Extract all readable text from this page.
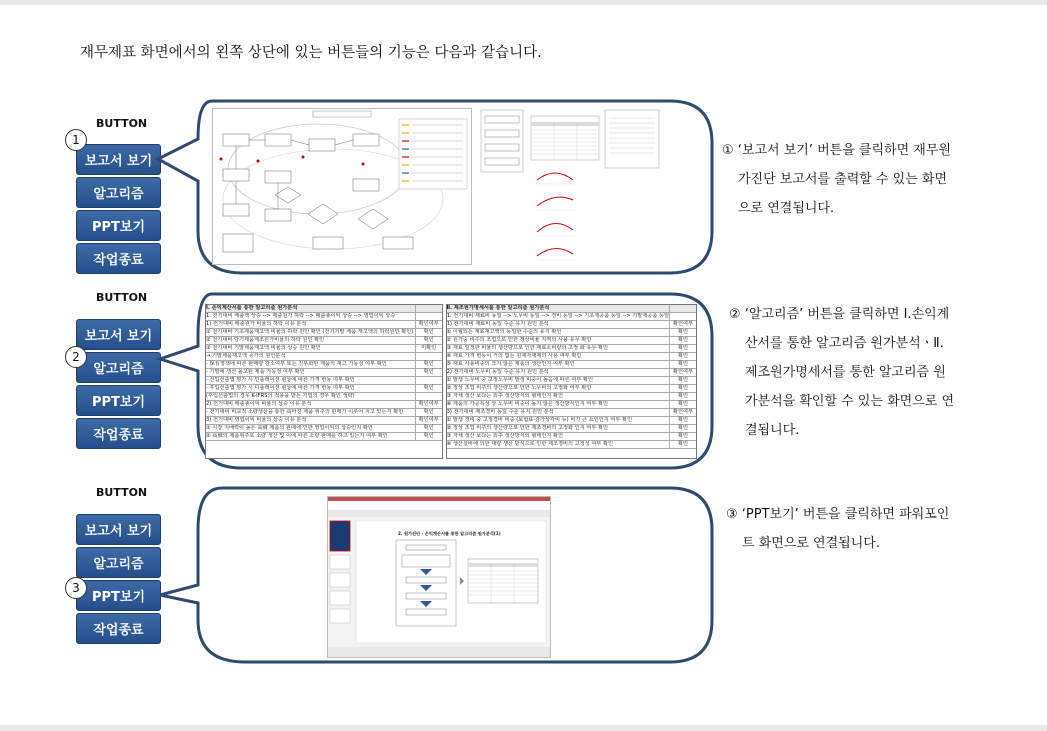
재무제표 화면에서의 왼쪽 상단에 있는 버튼들의 기능은 다음과 같습니다.
BUTTON
보고서 보기
알고리즘
PPT보기
작업종료
1
① ‘보고서 보기’ 버튼을 클릭하면 재무원
가진단 보고서를 출력할 수 있는 화면
으로 연결됩니다.
BUTTON
보고서 보기
알고리즘
PPT보기
작업종료
2
Ⅰ. 손익계산서를 통한 알고리즘 원가분석
1. 전기대비 매출액 상승 --> 매출원가 하락 --> 매출총이익 상승 --> 영업이익 상승
1) 전기대비 매출원가 비율의 하락 이유 분석	확인여부
① 전기대비 기초제품재고액 비율의 하락 원인 확인 (전기기말 제품 재고액의 하락원인 확인)	확인
② 전기대비 당기제품제조원가비율의 하락 원인 확인	확인
③ 전기대비 기말제품재고액 비율의 상승 원인 확인	미확인
→ 기말제품재고액 증가의 원인분석
- 保有정책에 따른 판매량 감소여부 또는 진부화된 제품의 재고 가능성 여부 확인	확인
- 기말에 생산 몰고된 제품 가능성 여부 확인	확인
- 선입선출법 평가 시 인플레이션 현상에 따른 가격 변동 여부 확인
- 후입선출법 평가 시 디플레이션 현상에 따른 가격 변동 여부 확인	확인
(후입선출법의 경우 K-IFRS의 적용을 받는 기업의 경우 확인 생략)
2) 전기대비 매출총이익 비율의 상승 이유 분석	확인여부
- 전기대비 비교적 소량생산을 통한 高마진 제품 위주의 판매가 이루어 지고 있는지 확인	확인
3) 전기대비 영업이익 비율의 상승 이유 분석	확인여부
① 시장 지배력이 높은 高價 제품의 판매에 인한 영업이익의 상승인지 확인	확인
② 高價의 제품위주로 소량 생산 및 이에 따른 소량 판매를 하고 있는지 여부 확인	확인
Ⅱ. 제조원가명세서를 통한 알고리즘 원가분석
1. 전기대비 재료비 동일 --> 노무비 동일 --> 경비 동일 --> 기초재공품 동일 --> 기말재공품 동일
1) 전기대비 재료비 동일 수준 유지 원인 분석	확인여부
① 이월되는 재료재고액의 동일한 수준의 유지 확인	확인
② 원가중 비주의 조업으로 인한 정상비율 지역의 사용 유무 확인	확인
③ 재료 일정한 비율의 생산량으로 인한 재료소비량의 고정 화 유무 확인	확인
④ 재료 가격 변동이 거의 없는 원재자재제의 사용 여부 확인	확인
⑤ 재료 사용비중의 크지 않은 제품의 생산인지 여부 확인	확인
2) 전기대비 노무비 동일 수준 유지 원인 분석	확인여부
① 발생 노무비 중 고정노무비 발생 비중이 높음에 따른 여부 확인	확인
② 정상 조업 비주의 생산량으로 인한 노무비의 고정화 여부 확인	확인
③ 자체 생산 보다는 외주 생산방식의 형태인지 확인	확인
④ 제품의 가공특성 상 노무비 비중이 높지 않은 생산방식인지 여부 확인	확인
3) 전기대비 제조경비 동일 수준 유지 원인 분석	확인여부
① 발생 경비 중 고정경비 비중 (보험료·감가상각비 등) 비가 큰 요인인지 여부 확인	확인
② 정상 조업 비주의 생산량으로 인한 제조경비의 고정화 인지 여부 확인	확인
③ 자체 생산 보다는 외주 생산방식의 형태인지 확인	확인
④ 생산설비에 의한 대량 생산 방식으로 인한 제조경비의 고정성 여부 확인	확인
② ‘알고리즘’ 버튼을 클릭하면 Ⅰ.손익계
산서를 통한 알고리즘 원가분석ㆍⅡ.
제조원가명세서를 통한 알고리즘 원
가분석을 확인할 수 있는 화면으로 연
결됩니다.
BUTTON
보고서 보기
알고리즘
PPT보기
작업종료
3
2. 원가진단 - 손익계산서를 통한 알고리즘 원가분석(1)
③ ‘PPT보기’ 버튼을 클릭하면 파워포인
트 화면으로 연결됩니다.
